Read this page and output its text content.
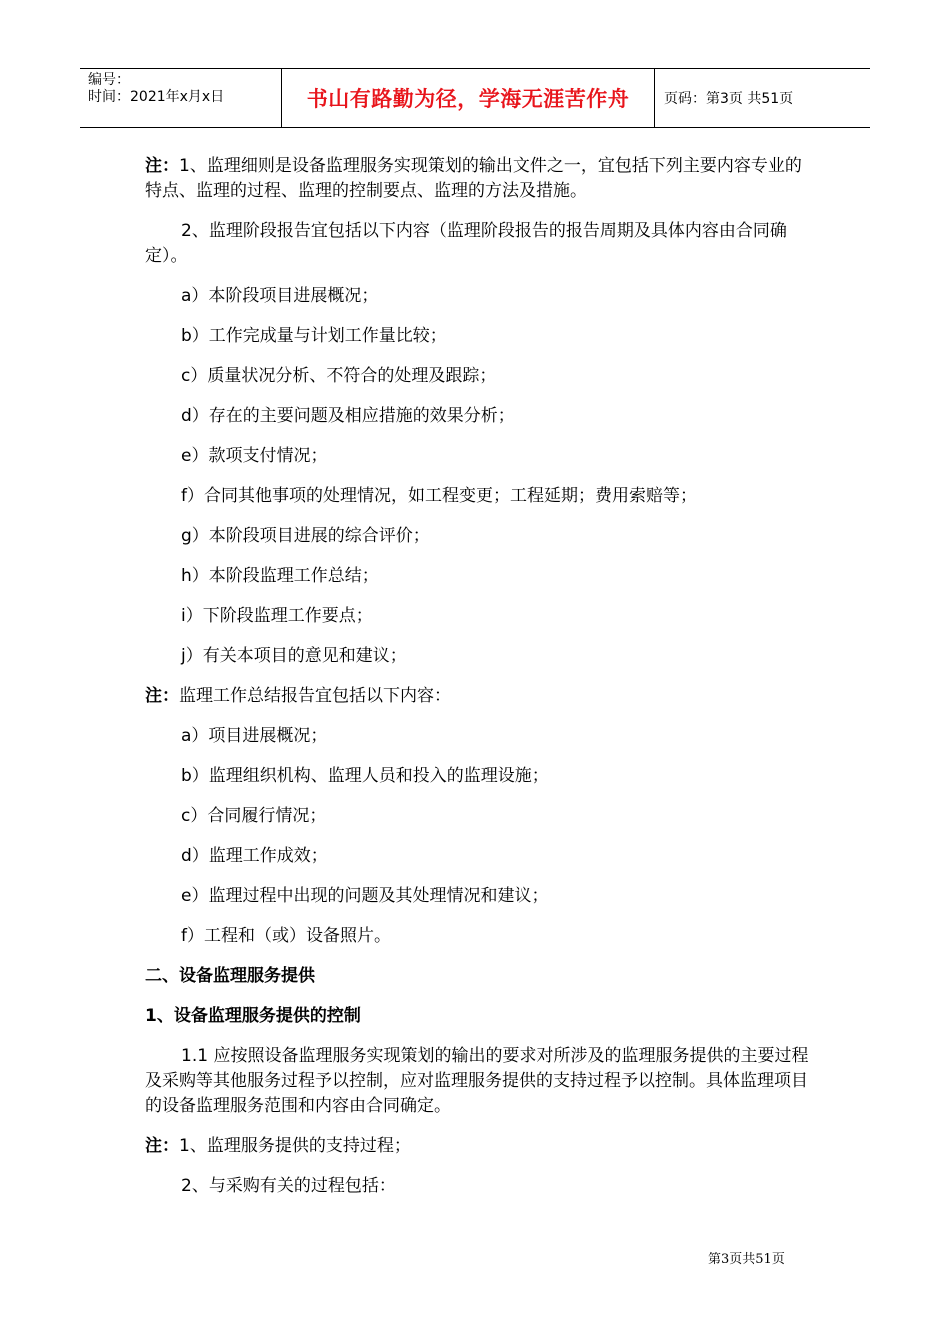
编号：
时间：2021年x月x日	书山有路勤为径，学海无涯苦作舟	页码：第3页 共51页

注：1、监理细则是设备监理服务实现策划的输出文件之一，宜包括下列主要内容专业的特点、监理的过程、监理的控制要点、监理的方法及措施。

2、监理阶段报告宜包括以下内容（监理阶段报告的报告周期及具体内容由合同确定）。

a）本阶段项目进展概况；

b）工作完成量与计划工作量比较；

c）质量状况分析、不符合的处理及跟踪；

d）存在的主要问题及相应措施的效果分析；

e）款项支付情况；

f）合同其他事项的处理情况，如工程变更；工程延期；费用索赔等；

g）本阶段项目进展的综合评价；

h）本阶段监理工作总结；

i）下阶段监理工作要点；

j）有关本项目的意见和建议；

注：监理工作总结报告宜包括以下内容：

a）项目进展概况；

b）监理组织机构、监理人员和投入的监理设施；

c）合同履行情况；

d）监理工作成效；

e）监理过程中出现的问题及其处理情况和建议；

f）工程和（或）设备照片。

二、设备监理服务提供

1、设备监理服务提供的控制

1.1 应按照设备监理服务实现策划的输出的要求对所涉及的监理服务提供的主要过程及采购等其他服务过程予以控制，应对监理服务提供的支持过程予以控制。具体监理项目的设备监理服务范围和内容由合同确定。

注：1、监理服务提供的支持过程；

2、与采购有关的过程包括：

第3页共51页
